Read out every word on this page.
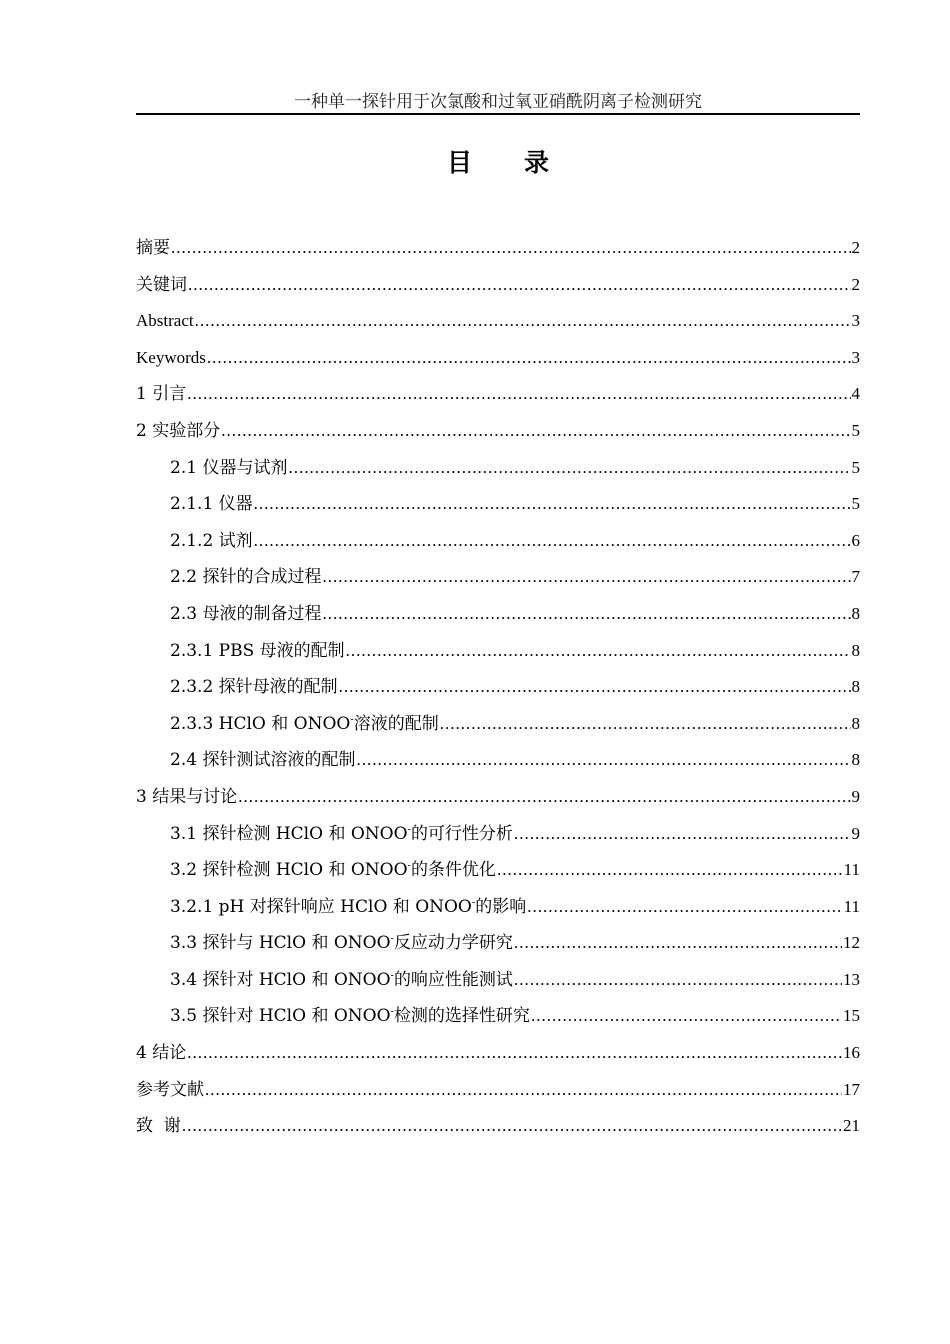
一种单一探针用于次氯酸和过氧亚硝酰阴离子检测研究
目 录
摘要 .....	2
关键词 .....	2
Abstract .....	3
Keywords .....	3
1 引言 .....	4
2 实验部分 .....	5
2.1 仪器与试剂 .....	5
2.1.1 仪器 .....	5
2.1.2 试剂 .....	6
2.2 探针的合成过程 .....	7
2.3 母液的制备过程 .....	8
2.3.1 PBS 母液的配制 .....	8
2.3.2 探针母液的配制 .....	8
2.3.3 HClO 和 ONOO-溶液的配制 .....	8
2.4 探针测试溶液的配制 .....	8
3 结果与讨论 .....	9
3.1 探针检测 HClO 和 ONOO-的可行性分析 .....	9
3.2 探针检测 HClO 和 ONOO-的条件优化 .....	11
3.2.1 pH 对探针响应 HClO 和 ONOO-的影响 .....	11
3.3 探针与 HClO 和 ONOO-反应动力学研究 .....	12
3.4 探针对 HClO 和 ONOO-的响应性能测试 .....	13
3.5 探针对 HClO 和 ONOO-检测的选择性研究 .....	15
4 结论 .....	16
参考文献 .....	17
致  谢 .....	21
